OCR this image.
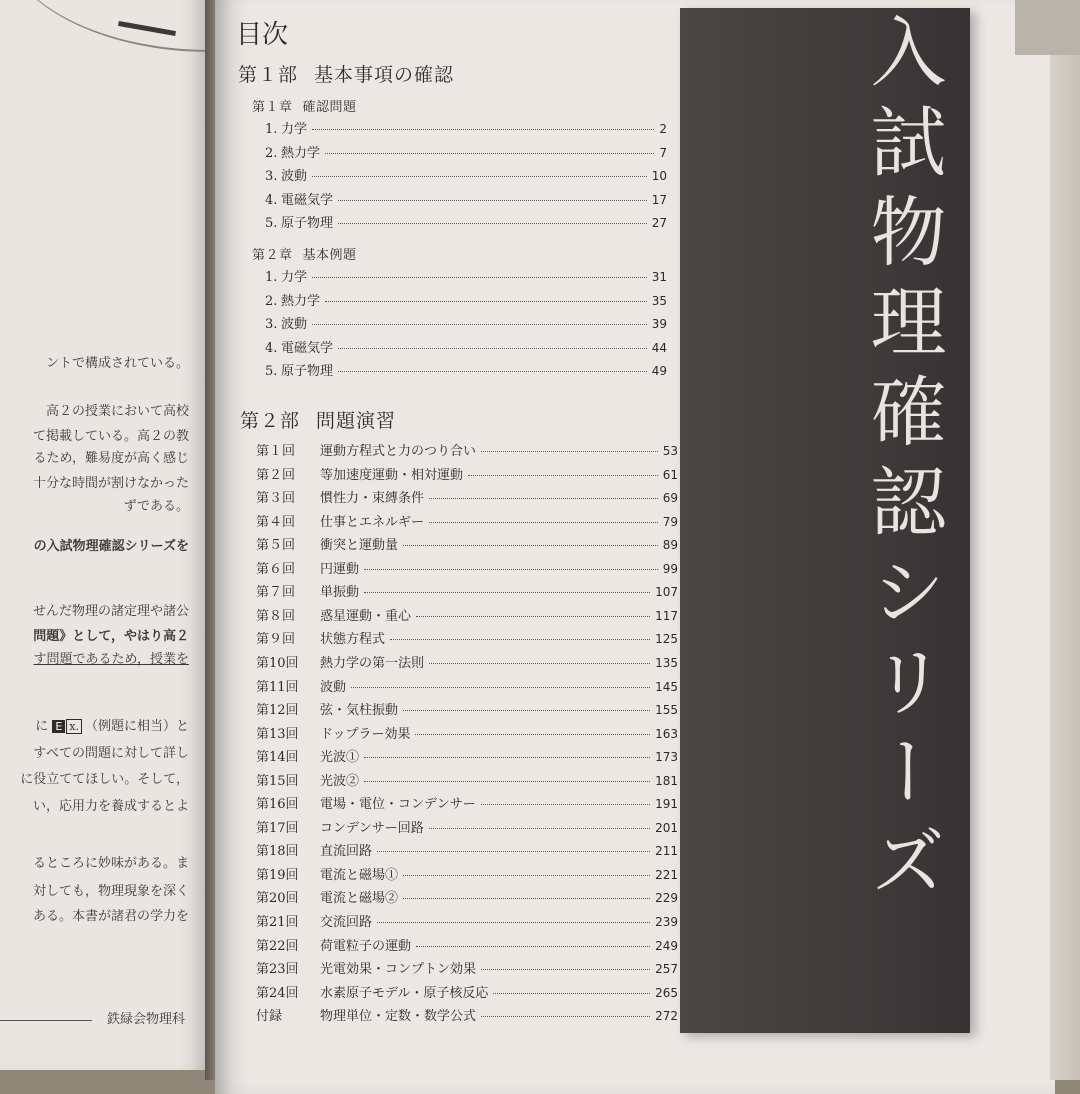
ントで構成されている。
高２の授業において高校
て掲載している。高２の教
るため，難易度が高く感じ
十分な時間が割けなかった
ずである。
の入試物理確認シリーズを
せんだ物理の諸定理や諸公
問題》として，やはり高２
す問題であるため，授業を
に E x. （例題に相当）と
すべての問題に対して詳し
に役立ててほしい。そして，
い，応用力を養成するとよ
るところに妙味がある。ま
対しても，物理現象を深く
ある。本書が諸君の学力を
鉄緑会物理科
目次
第１部 基本事項の確認
第１章 確認問題
1. 力学	2
2. 熱力学	7
3. 波動	10
4. 電磁気学	17
5. 原子物理	27
第２章 基本例題
1. 力学	31
2. 熱力学	35
3. 波動	39
4. 電磁気学	44
5. 原子物理	49
第２部 問題演習
第１回	運動方程式と力のつり合い	53
第２回	等加速度運動・相対運動	61
第３回	慣性力・束縛条件	69
第４回	仕事とエネルギー	79
第５回	衝突と運動量	89
第６回	円運動	99
第７回	単振動	107
第８回	惑星運動・重心	117
第９回	状態方程式	125
第10回	熱力学の第一法則	135
第11回	波動	145
第12回	弦・気柱振動	155
第13回	ドップラー効果	163
第14回	光波①	173
第15回	光波②	181
第16回	電場・電位・コンデンサー	191
第17回	コンデンサー回路	201
第18回	直流回路	211
第19回	電流と磁場①	221
第20回	電流と磁場②	229
第21回	交流回路	239
第22回	荷電粒子の運動	249
第23回	光電効果・コンプトン効果	257
第24回	水素原子モデル・原子核反応	265
付録	物理単位・定数・数学公式	272
入試物理確認シリーズ
